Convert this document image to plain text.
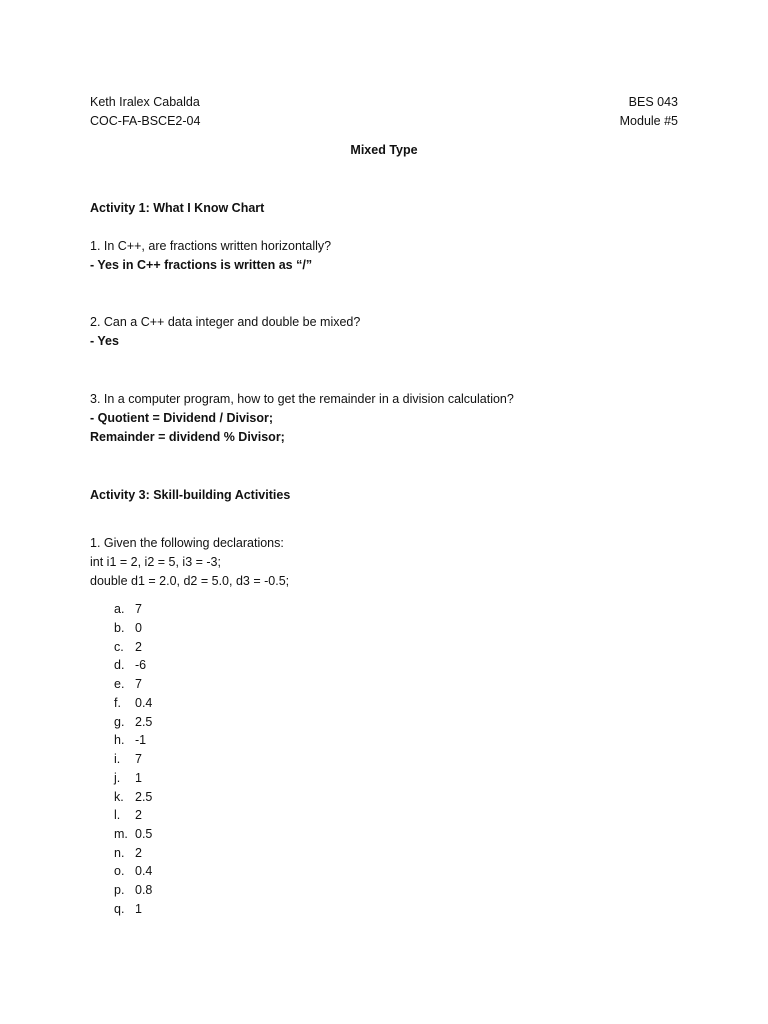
Keth Iralex Cabalda
COC-FA-BSCE2-04
BES 043
Module #5
Mixed Type
Activity 1: What I Know Chart
1. In C++, are fractions written horizontally?
- Yes in C++ fractions is written as “/”
2. Can a C++ data integer and double be mixed?
- Yes
3. In a computer program, how to get the remainder in a division calculation?
- Quotient = Dividend / Divisor;
Remainder = dividend % Divisor;
Activity 3: Skill-building Activities
1. Given the following declarations:
int i1 = 2, i2 = 5, i3 = -3;
double d1 = 2.0, d2 = 5.0, d3 = -0.5;
a. 7
b. 0
c. 2
d. -6
e. 7
f. 0.4
g. 2.5
h. -1
i. 7
j. 1
k. 2.5
l. 2
m. 0.5
n. 2
o. 0.4
p. 0.8
q. 1
